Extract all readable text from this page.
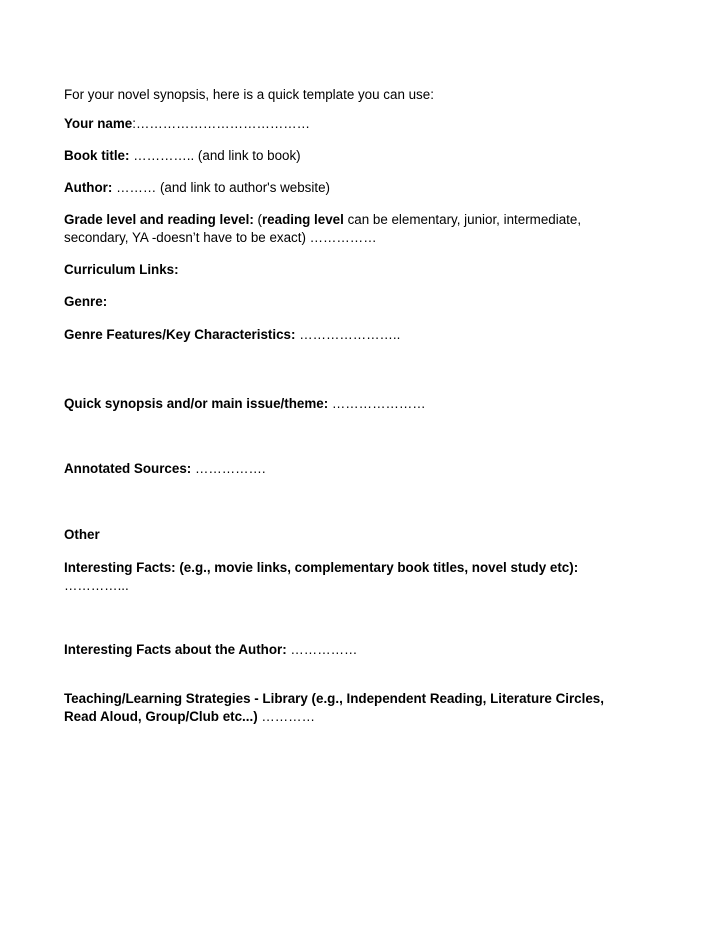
For your novel synopsis, here is a quick template you can use:
Your name:…………………………………
Book title: ………….. (and link to book)
Author: ……… (and link to author's website)
Grade level and reading level: (reading level can be elementary, junior, intermediate,
secondary, YA -doesn’t have to be exact) ……………
Curriculum Links:
Genre:
Genre Features/Key Characteristics: …………………..
Quick synopsis and/or main issue/theme: …………………
Annotated Sources: …………….
Other
Interesting Facts: (e.g., movie links, complementary book titles, novel study etc):
…………...
Interesting Facts about the Author: ……………
Teaching/Learning Strategies - Library (e.g., Independent Reading, Literature Circles,
Read Aloud, Group/Club etc...) …………
